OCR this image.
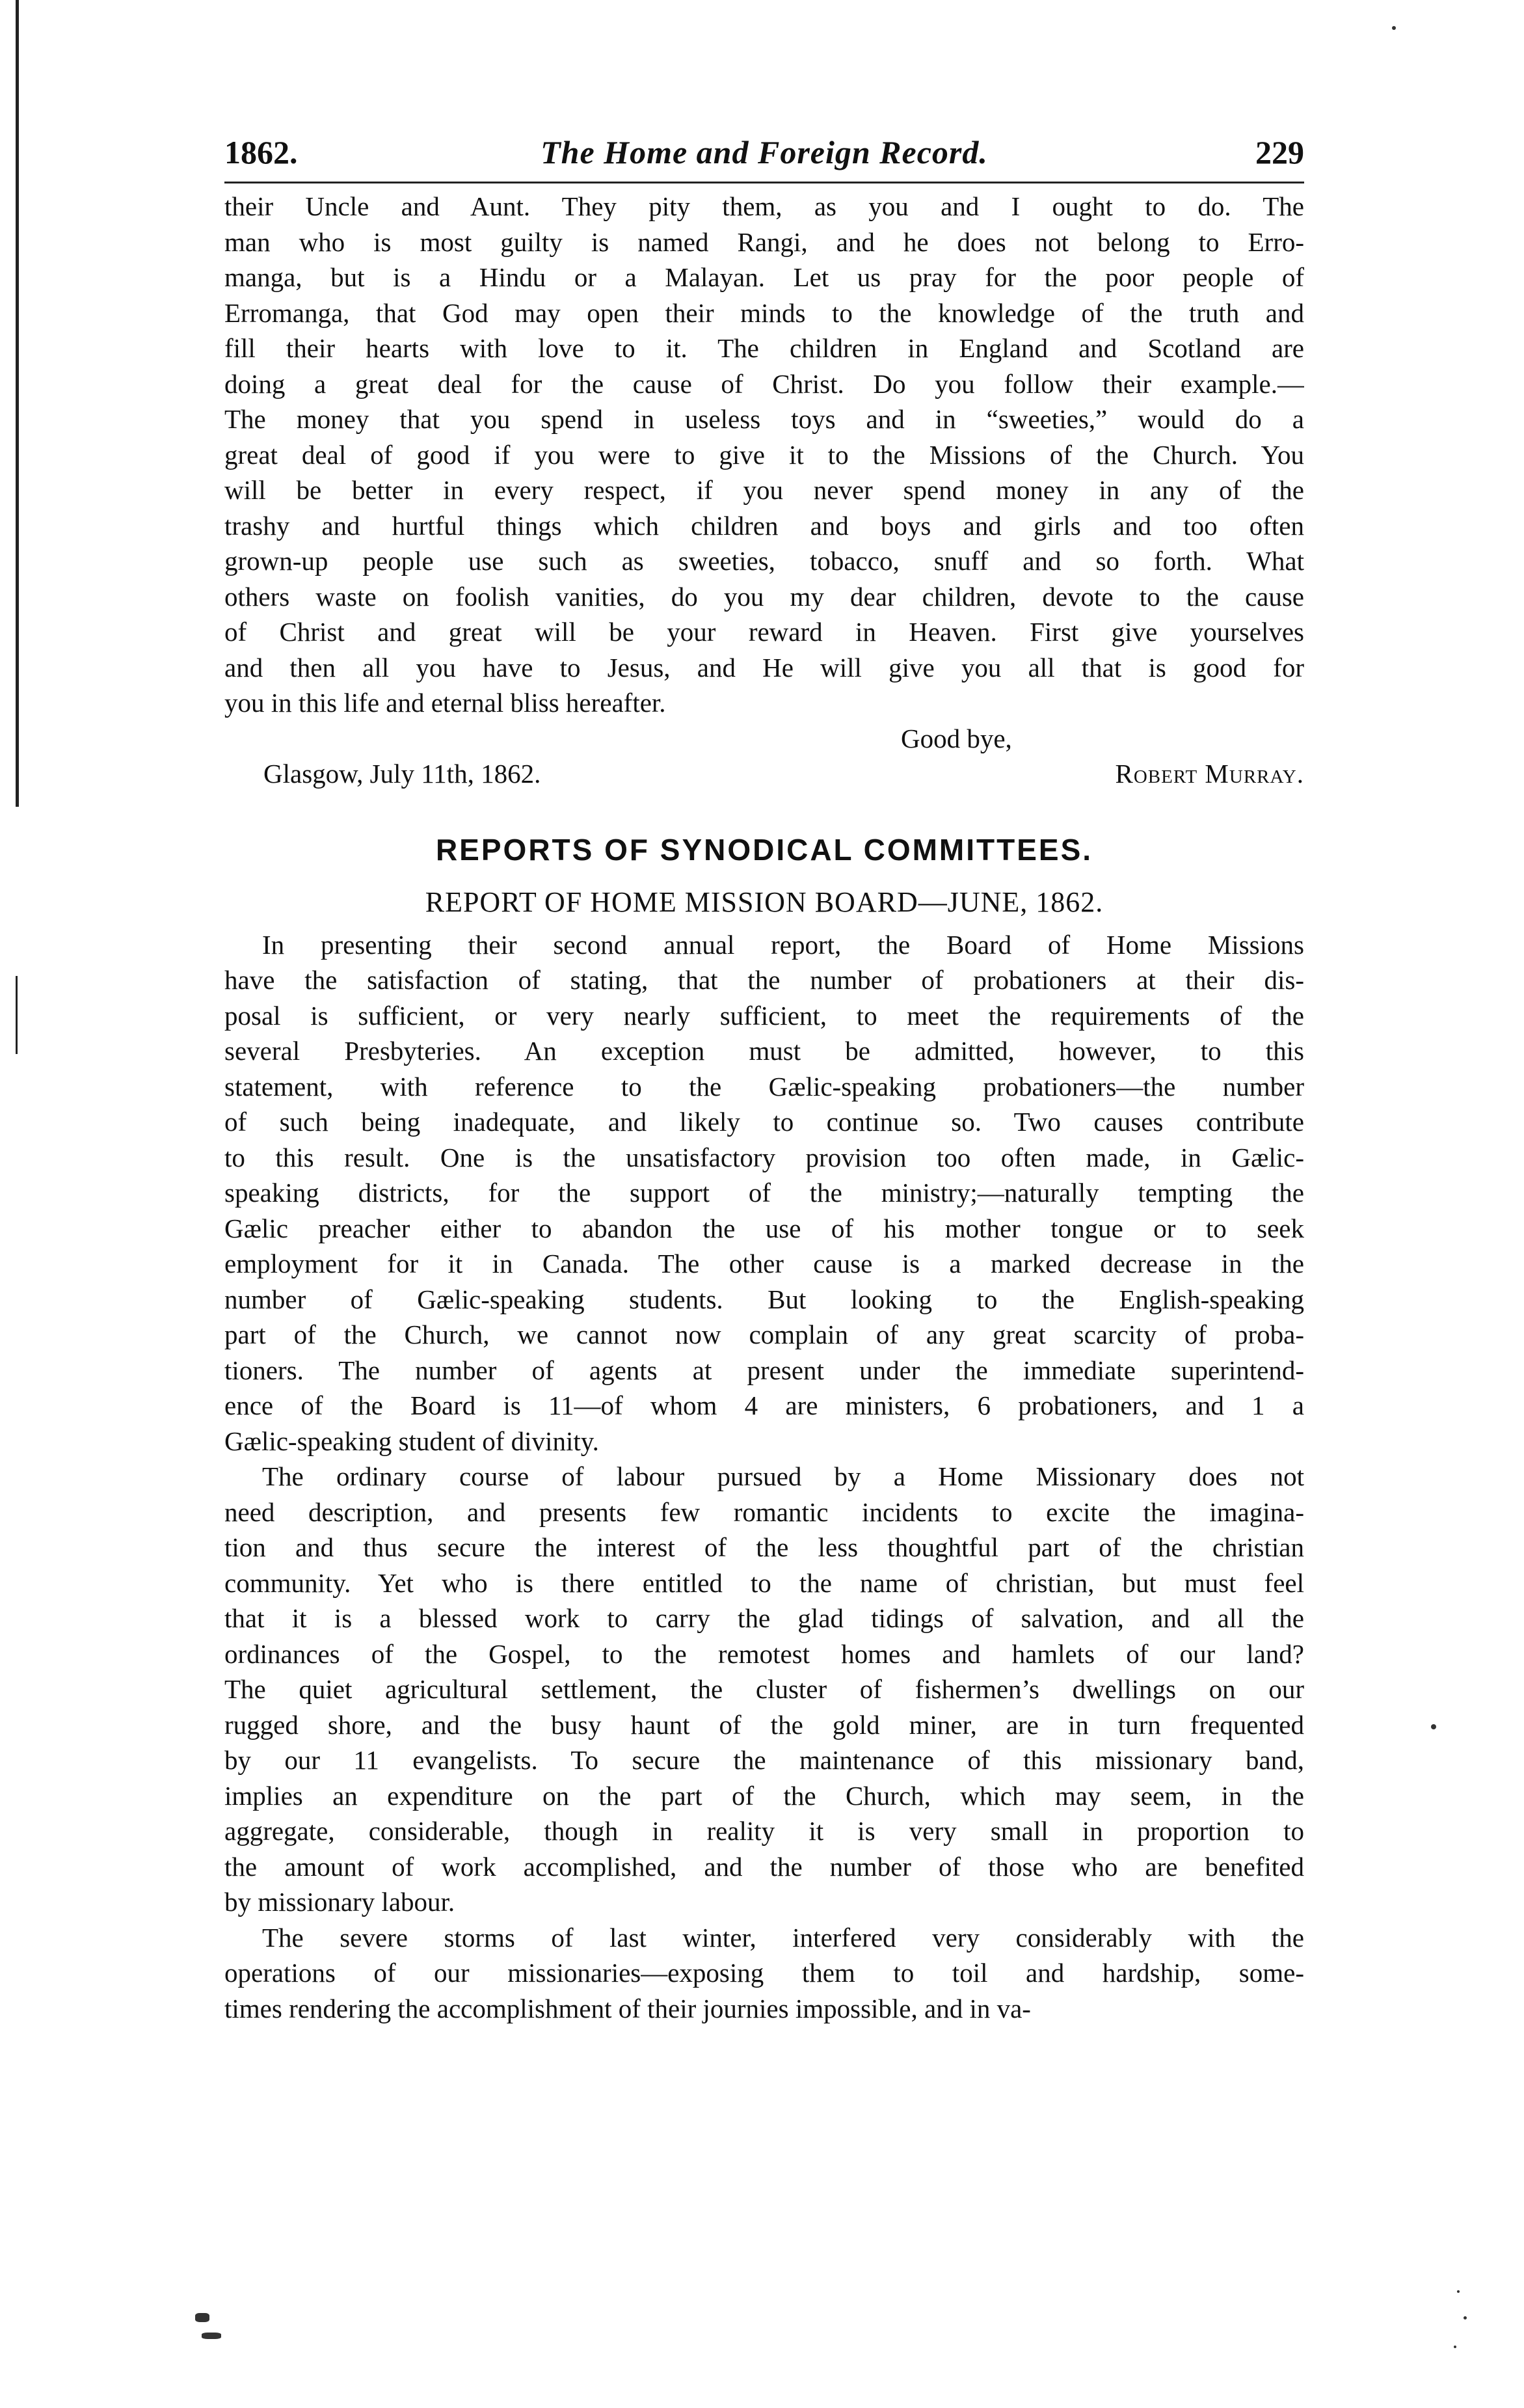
1862.	The Home and Foreign Record.	229
their Uncle and Aunt. They pity them, as you and I ought to do. The
man who is most guilty is named Rangi, and he does not belong to Erro-
manga, but is a Hindu or a Malayan. Let us pray for the poor people of
Erromanga, that God may open their minds to the knowledge of the truth and
fill their hearts with love to it. The children in England and Scotland are
doing a great deal for the cause of Christ. Do you follow their example.—
The money that you spend in useless toys and in “sweeties,” would do a
great deal of good if you were to give it to the Missions of the Church. You
will be better in every respect, if you never spend money in any of the
trashy and hurtful things which children and boys and girls and too often
grown-up people use such as sweeties, tobacco, snuff and so forth. What
others waste on foolish vanities, do you my dear children, devote to the cause
of Christ and great will be your reward in Heaven. First give yourselves
and then all you have to Jesus, and He will give you all that is good for
you in this life and eternal bliss hereafter.
Good bye,
Glasgow, July 11th, 1862.	Robert Murray.
REPORTS OF SYNODICAL COMMITTEES.
REPORT OF HOME MISSION BOARD—JUNE, 1862.
In presenting their second annual report, the Board of Home Missions
have the satisfaction of stating, that the number of probationers at their dis-
posal is sufficient, or very nearly sufficient, to meet the requirements of the
several Presbyteries. An exception must be admitted, however, to this
statement, with reference to the Gælic-speaking probationers—the number
of such being inadequate, and likely to continue so. Two causes contribute
to this result. One is the unsatisfactory provision too often made, in Gælic-
speaking districts, for the support of the ministry;—naturally tempting the
Gælic preacher either to abandon the use of his mother tongue or to seek
employment for it in Canada. The other cause is a marked decrease in the
number of Gælic-speaking students. But looking to the English-speaking
part of the Church, we cannot now complain of any great scarcity of proba-
tioners. The number of agents at present under the immediate superintend-
ence of the Board is 11—of whom 4 are ministers, 6 probationers, and 1 a
Gælic-speaking student of divinity.
The ordinary course of labour pursued by a Home Missionary does not
need description, and presents few romantic incidents to excite the imagina-
tion and thus secure the interest of the less thoughtful part of the christian
community. Yet who is there entitled to the name of christian, but must feel
that it is a blessed work to carry the glad tidings of salvation, and all the
ordinances of the Gospel, to the remotest homes and hamlets of our land?
The quiet agricultural settlement, the cluster of fishermen’s dwellings on our
rugged shore, and the busy haunt of the gold miner, are in turn frequented
by our 11 evangelists. To secure the maintenance of this missionary band,
implies an expenditure on the part of the Church, which may seem, in the
aggregate, considerable, though in reality it is very small in proportion to
the amount of work accomplished, and the number of those who are benefited
by missionary labour.
The severe storms of last winter, interfered very considerably with the
operations of our missionaries—exposing them to toil and hardship, some-
times rendering the accomplishment of their journies impossible, and in va-
